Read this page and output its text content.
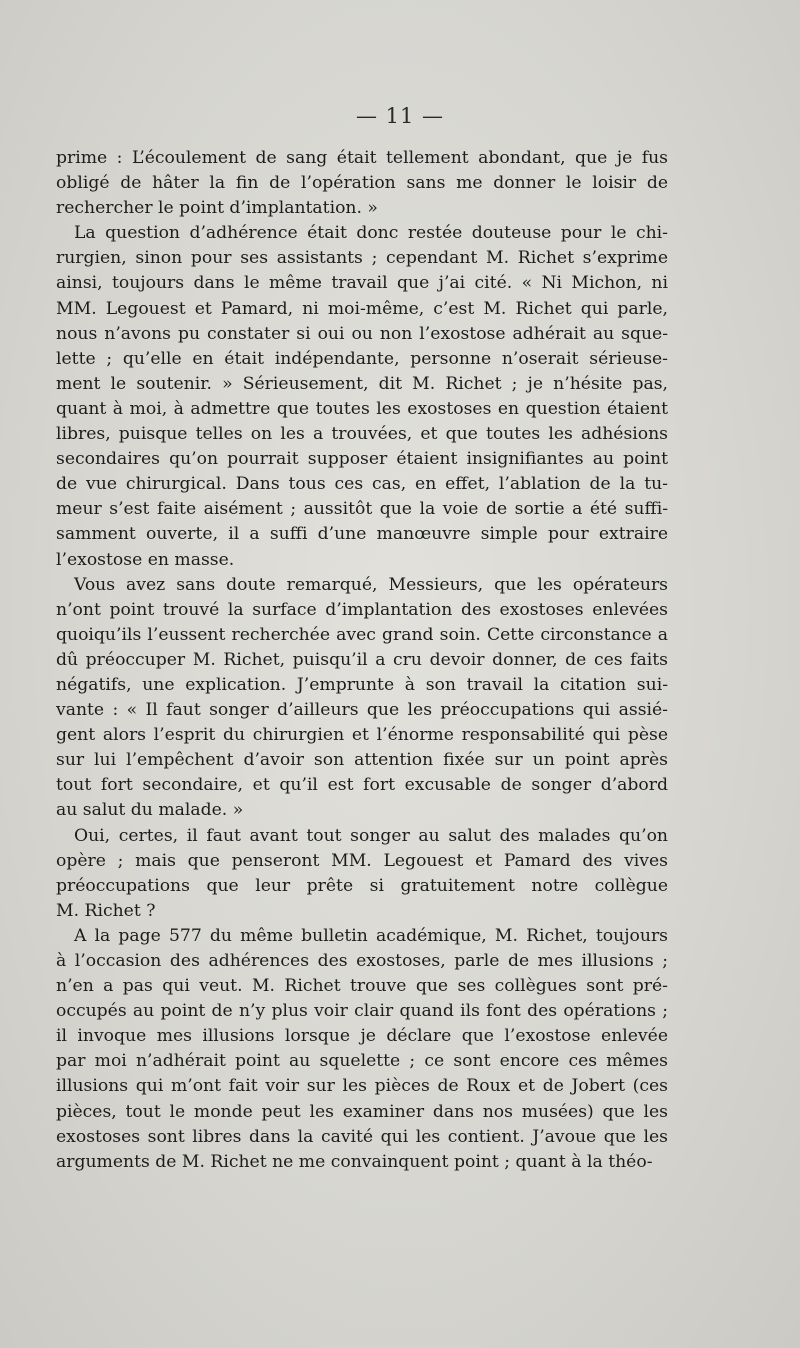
— 11 —
prime : L’écoulement de sang était tellement abondant, que je fus
obligé de hâter la fin de l’opération sans me donner le loisir de
rechercher le point d’implantation. »
La question d’adhérence était donc restée douteuse pour le chi-
rurgien, sinon pour ses assistants ; cependant M. Richet s’exprime
ainsi, toujours dans le même travail que j’ai cité. « Ni Michon, ni
MM. Legouest et Pamard, ni moi-même, c’est M. Richet qui parle,
nous n’avons pu constater si oui ou non l’exostose adhérait au sque-
lette ; qu’elle en était indépendante, personne n’oserait sérieuse-
ment le soutenir. » Sérieusement, dit M. Richet ; je n’hésite pas,
quant à moi, à admettre que toutes les exostoses en question étaient
libres, puisque telles on les a trouvées, et que toutes les adhésions
secondaires qu’on pourrait supposer étaient insignifiantes au point
de vue chirurgical. Dans tous ces cas, en effet, l’ablation de la tu-
meur s’est faite aisément ; aussitôt que la voie de sortie a été suffi-
samment ouverte, il a suffi d’une manœuvre simple pour extraire
l’exostose en masse.
Vous avez sans doute remarqué, Messieurs, que les opérateurs
n’ont point trouvé la surface d’implantation des exostoses enlevées
quoiqu’ils l’eussent recherchée avec grand soin. Cette circonstance a
dû préoccuper M. Richet, puisqu’il a cru devoir donner, de ces faits
négatifs, une explication. J’emprunte à son travail la citation sui-
vante : « Il faut songer d’ailleurs que les préoccupations qui assié-
gent alors l’esprit du chirurgien et l’énorme responsabilité qui pèse
sur lui l’empêchent d’avoir son attention fixée sur un point après
tout fort secondaire, et qu’il est fort excusable de songer d’abord
au salut du malade. »
Oui, certes, il faut avant tout songer au salut des malades qu’on
opère ; mais que penseront MM. Legouest et Pamard des vives
préoccupations que leur prête si gratuitement notre collègue
M. Richet ?
A la page 577 du même bulletin académique, M. Richet, toujours
à l’occasion des adhérences des exostoses, parle de mes illusions ;
n’en a pas qui veut. M. Richet trouve que ses collègues sont pré-
occupés au point de n’y plus voir clair quand ils font des opérations ;
il invoque mes illusions lorsque je déclare que l’exostose enlevée
par moi n’adhérait point au squelette ; ce sont encore ces mêmes
illusions qui m’ont fait voir sur les pièces de Roux et de Jobert (ces
pièces, tout le monde peut les examiner dans nos musées) que les
exostoses sont libres dans la cavité qui les contient. J’avoue que les
arguments de M. Richet ne me convainquent point ; quant à la théo-
